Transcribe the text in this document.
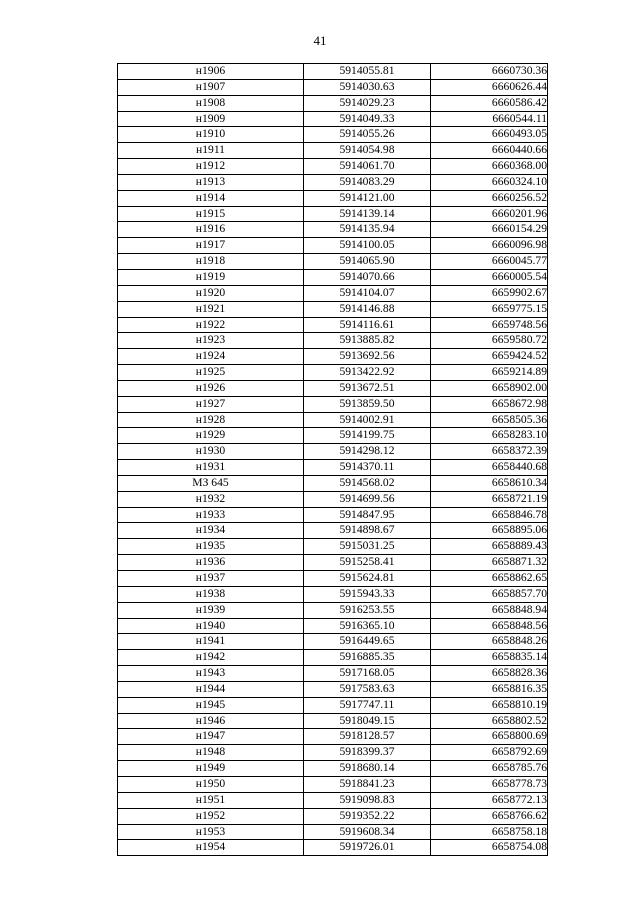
41
н1906	5914055.81	6660730.36
н1907	5914030.63	6660626.44
н1908	5914029.23	6660586.42
н1909	5914049.33	6660544.11
н1910	5914055.26	6660493.05
н1911	5914054.98	6660440.66
н1912	5914061.70	6660368.00
н1913	5914083.29	6660324.10
н1914	5914121.00	6660256.52
н1915	5914139.14	6660201.96
н1916	5914135.94	6660154.29
н1917	5914100.05	6660096.98
н1918	5914065.90	6660045.77
н1919	5914070.66	6660005.54
н1920	5914104.07	6659902.67
н1921	5914146.88	6659775.15
н1922	5914116.61	6659748.56
н1923	5913885.82	6659580.72
н1924	5913692.56	6659424.52
н1925	5913422.92	6659214.89
н1926	5913672.51	6658902.00
н1927	5913859.50	6658672.98
н1928	5914002.91	6658505.36
н1929	5914199.75	6658283.10
н1930	5914298.12	6658372.39
н1931	5914370.11	6658440.68
МЗ 645	5914568.02	6658610.34
н1932	5914699.56	6658721.19
н1933	5914847.95	6658846.78
н1934	5914898.67	6658895.06
н1935	5915031.25	6658889.43
н1936	5915258.41	6658871.32
н1937	5915624.81	6658862.65
н1938	5915943.33	6658857.70
н1939	5916253.55	6658848.94
н1940	5916365.10	6658848.56
н1941	5916449.65	6658848.26
н1942	5916885.35	6658835.14
н1943	5917168.05	6658828.36
н1944	5917583.63	6658816.35
н1945	5917747.11	6658810.19
н1946	5918049.15	6658802.52
н1947	5918128.57	6658800.69
н1948	5918399.37	6658792.69
н1949	5918680.14	6658785.76
н1950	5918841.23	6658778.73
н1951	5919098.83	6658772.13
н1952	5919352.22	6658766.62
н1953	5919608.34	6658758.18
н1954	5919726.01	6658754.08
